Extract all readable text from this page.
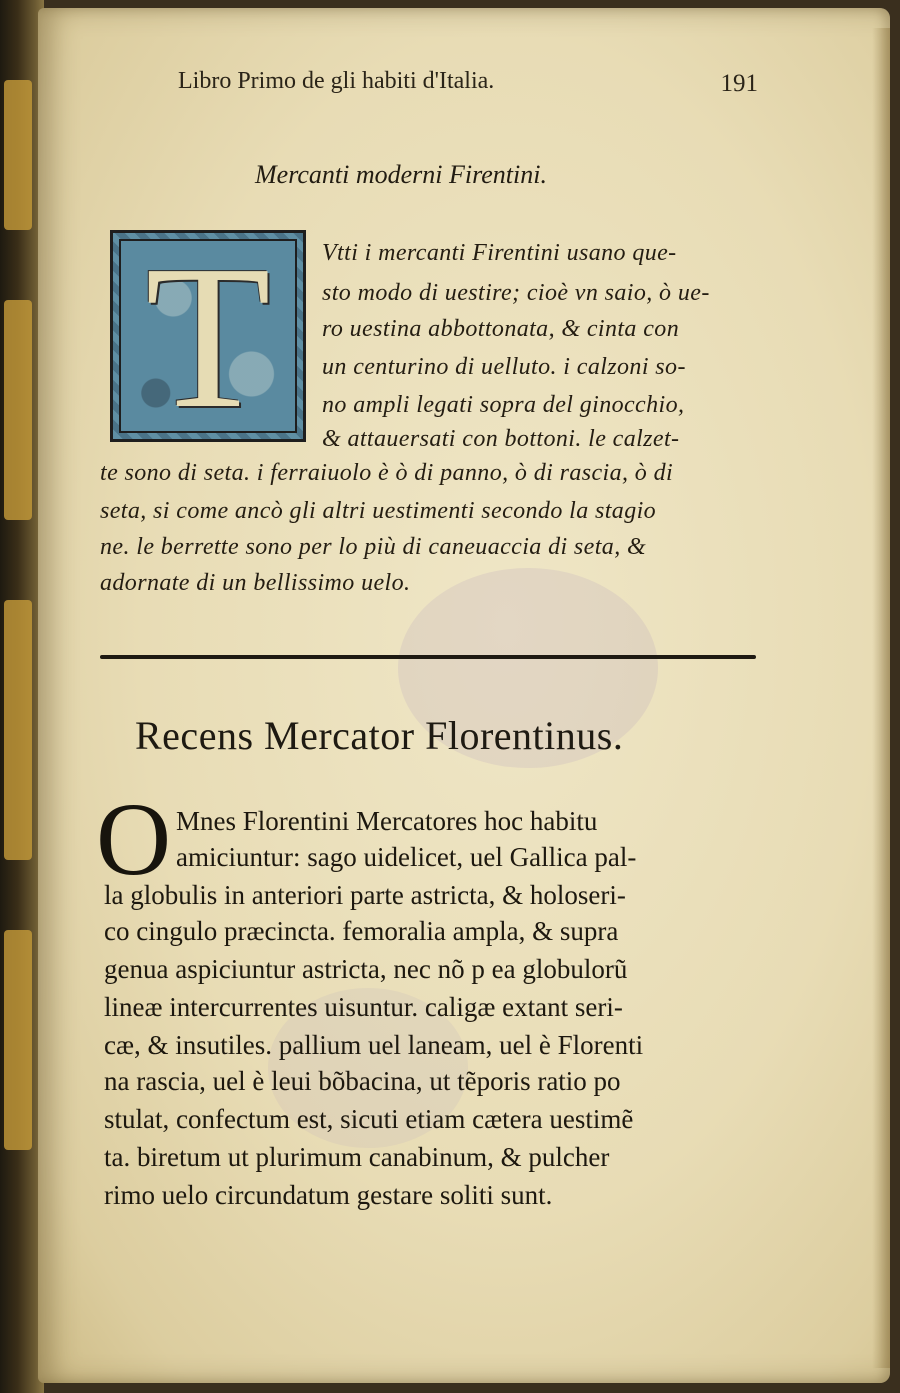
Libro Primo de gli habiti d'Italia.	191
Mercanti moderni Firentini.
T	Vtti i mercanti Firentini usano que-
sto modo di uestire; cioè vn saio, ò ue-
ro uestina abbottonata, & cinta con
un centurino di uelluto. i calzoni so-
no ampli legati sopra del ginocchio,
& attauersati con bottoni. le calzet-
te sono di seta. i ferraiuolo è ò di panno, ò di rascia, ò di
seta, si come ancò gli altri uestimenti secondo la stagio
ne. le berrette sono per lo più di caneuaccia di seta, &
adornate di un bellissimo uelo.
Recens Mercator Florentinus.
O Mnes Florentini Mercatores hoc habitu
amiciuntur: sago uidelicet, uel Gallica pal-
la globulis in anteriori parte astricta, & holoseri-
co cingulo præcincta. femoralia ampla, & supra
genua aspiciuntur astricta, nec nõ p ea globulorũ
lineæ intercurrentes uisuntur. caligæ extant seri-
cæ, & insutiles. pallium uel laneam, uel è Florenti
na rascia, uel è leui bõbacina, ut tẽporis ratio po
stulat, confectum est, sicuti etiam cætera uestimẽ
ta. biretum ut plurimum canabinum, & pulcher
rimo uelo circundatum gestare soliti sunt.
